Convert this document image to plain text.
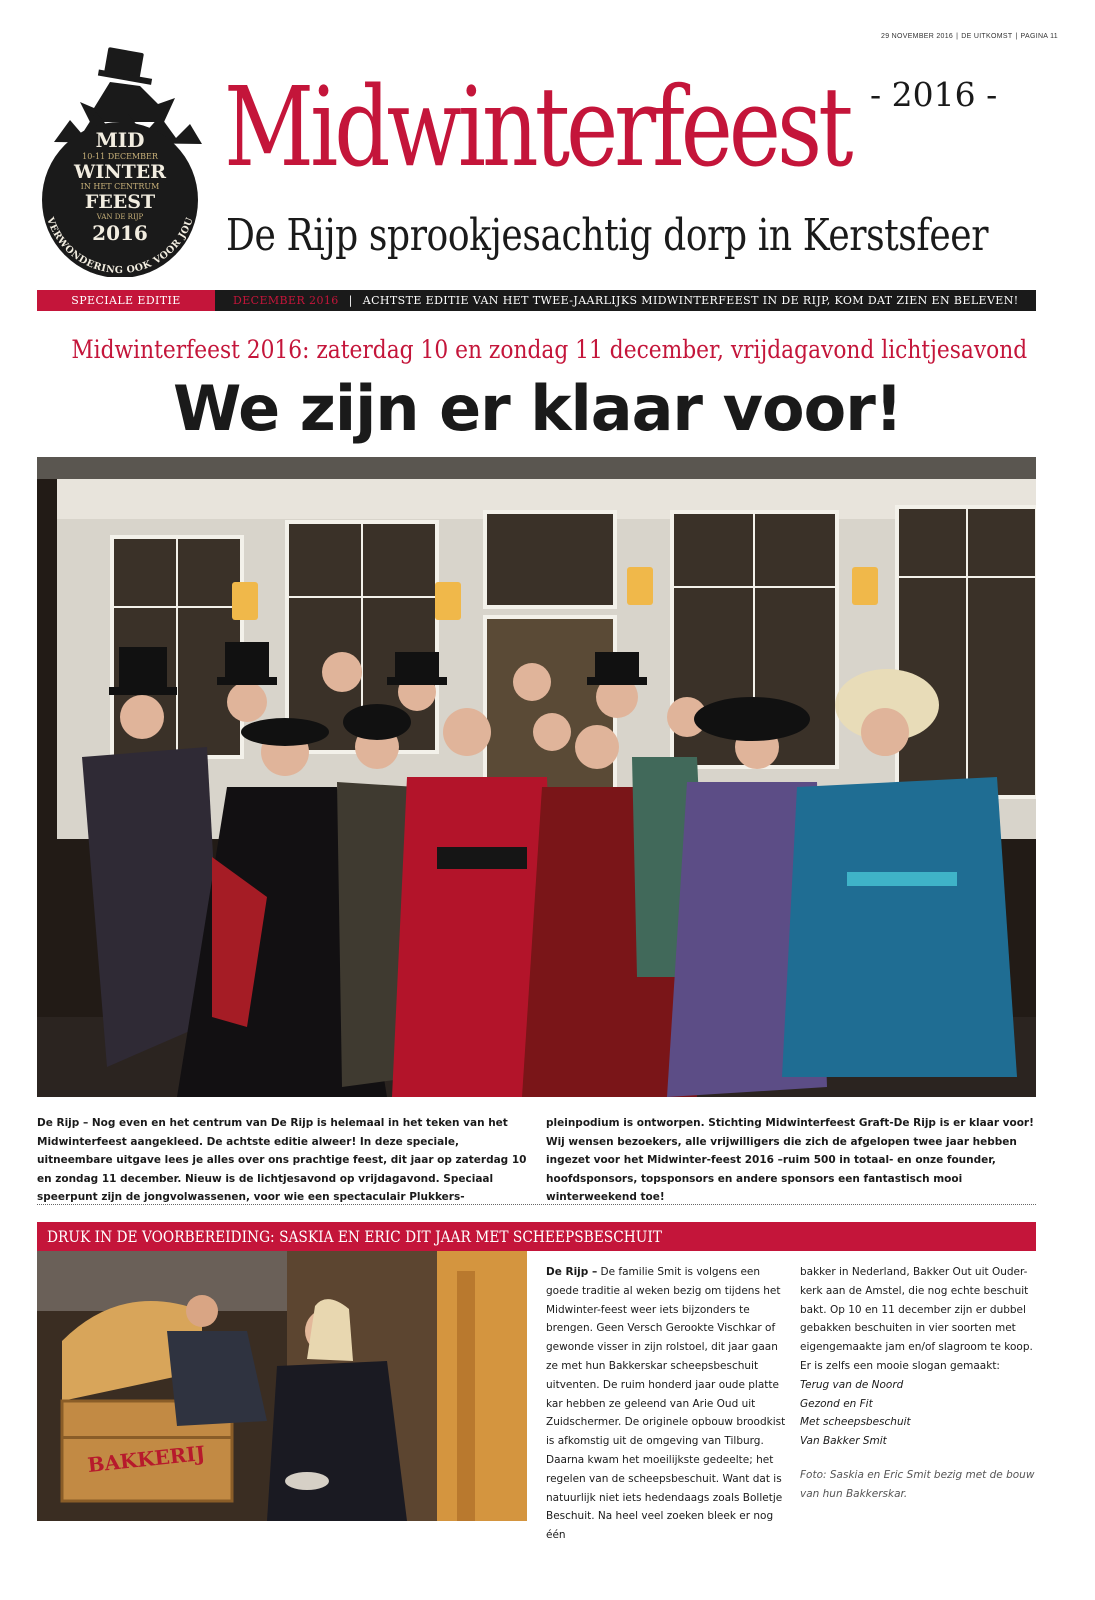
29 NOVEMBER 2016 | DE UITKOMST | PAGINA 11
MID
10-11 DECEMBER
WINTER
IN HET CENTRUM
FEEST
VAN DE RIJP
2016
VERWONDERING OOK VOOR JOU
- 2016 -
Midwinterfeest
De Rijp sprookjesachtig dorp in Kerstsfeer
SPECIALE EDITIE	DECEMBER 2016 | ACHTSTE EDITIE VAN HET TWEE-JAARLIJKS MIDWINTERFEEST IN DE RIJP, KOM DAT ZIEN EN BELEVEN!
Midwinterfeest 2016: zaterdag 10 en zondag 11 december, vrijdagavond lichtjesavond
We zijn er klaar voor!
De Rijp – Nog even en het centrum van De Rijp is helemaal in het teken van het Midwinterfeest aangekleed. De achtste editie alweer! In deze speciale, uitneembare uitgave lees je alles over ons prachtige feest, dit jaar op zaterdag 10 en zondag 11 december. Nieuw is de lichtjesavond op vrijdagavond. Speciaal speerpunt zijn de jongvolwassenen, voor wie een spectaculair Plukkers-
pleinpodium is ontworpen. Stichting Midwinterfeest Graft-De Rijp is er klaar voor! Wij wensen bezoekers, alle vrijwilligers die zich de afgelopen twee jaar hebben ingezet voor het Midwinter-feest 2016 –ruim 500 in totaal- en onze founder, hoofdsponsors, topsponsors en andere sponsors een fantastisch mooi winterweekend toe!
DRUK IN DE VOORBEREIDING: SASKIA EN ERIC DIT JAAR MET SCHEEPSBESCHUIT
BAKKERIJ
De Rijp – De familie Smit is volgens een goede traditie al weken bezig om tijdens het Midwinter-feest weer iets bijzonders te brengen. Geen Versch Gerookte Vischkar of gewonde visser in zijn rolstoel, dit jaar gaan ze met hun Bakkerskar scheepsbeschuit uitventen. De ruim honderd jaar oude platte kar hebben ze geleend van Arie Oud uit Zuidschermer. De originele opbouw broodkist is afkomstig uit de omgeving van Tilburg. Daarna kwam het moeilijkste gedeelte; het regelen van de scheepsbeschuit. Want dat is natuurlijk niet iets hedendaags zoals Bolletje Beschuit. Na heel veel zoeken bleek er nog één
bakker in Nederland, Bakker Out uit Ouder-kerk aan de Amstel, die nog echte beschuit bakt. Op 10 en 11 december zijn er dubbel gebakken beschuiten in vier soorten met eigengemaakte jam en/of slagroom te koop. Er is zelfs een mooie slogan gemaakt:
Terug van de Noord
Gezond en Fit
Met scheepsbeschuit
Van Bakker Smit
Foto: Saskia en Eric Smit bezig met de bouw van hun Bakkerskar.
